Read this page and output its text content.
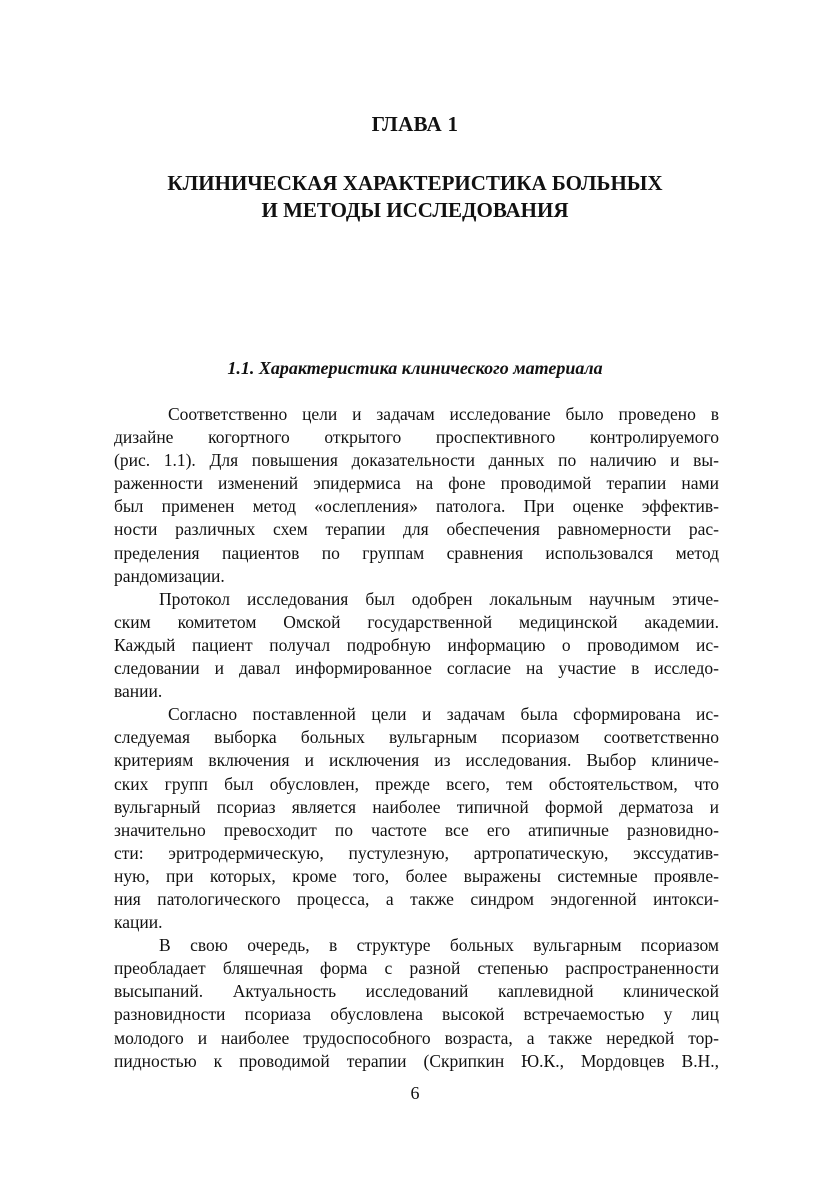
ГЛАВА 1
КЛИНИЧЕСКАЯ ХАРАКТЕРИСТИКА БОЛЬНЫХ
И МЕТОДЫ ИССЛЕДОВАНИЯ
1.1. Характеристика клинического материала
Соответственно цели и задачам исследование было проведено в
дизайне когортного открытого проспективного контролируемого
(рис. 1.1). Для повышения доказательности данных по наличию и вы-
раженности изменений эпидермиса на фоне проводимой терапии нами
был применен метод «ослепления» патолога. При оценке эффектив-
ности различных схем терапии для обеспечения равномерности рас-
пределения пациентов по группам сравнения использовался метод
рандомизации.
Протокол исследования был одобрен локальным научным этиче-
ским комитетом Омской государственной медицинской академии.
Каждый пациент получал подробную информацию о проводимом ис-
следовании и давал информированное согласие на участие в исследо-
вании.
Согласно поставленной цели и задачам была сформирована ис-
следуемая выборка больных вульгарным псориазом соответственно
критериям включения и исключения из исследования. Выбор клиниче-
ских групп был обусловлен, прежде всего, тем обстоятельством, что
вульгарный псориаз является наиболее типичной формой дерматоза и
значительно превосходит по частоте все его атипичные разновидно-
сти: эритродермическую, пустулезную, артропатическую, экссудатив-
ную, при которых, кроме того, более выражены системные проявле-
ния патологического процесса, а также синдром эндогенной интокси-
кации.
В свою очередь, в структуре больных вульгарным псориазом
преобладает бляшечная форма с разной степенью распространенности
высыпаний. Актуальность исследований каплевидной клинической
разновидности псориаза обусловлена высокой встречаемостью у лиц
молодого и наиболее трудоспособного возраста, а также нередкой тор-
пидностью к проводимой терапии (Скрипкин Ю.К., Мордовцев В.Н.,
6
